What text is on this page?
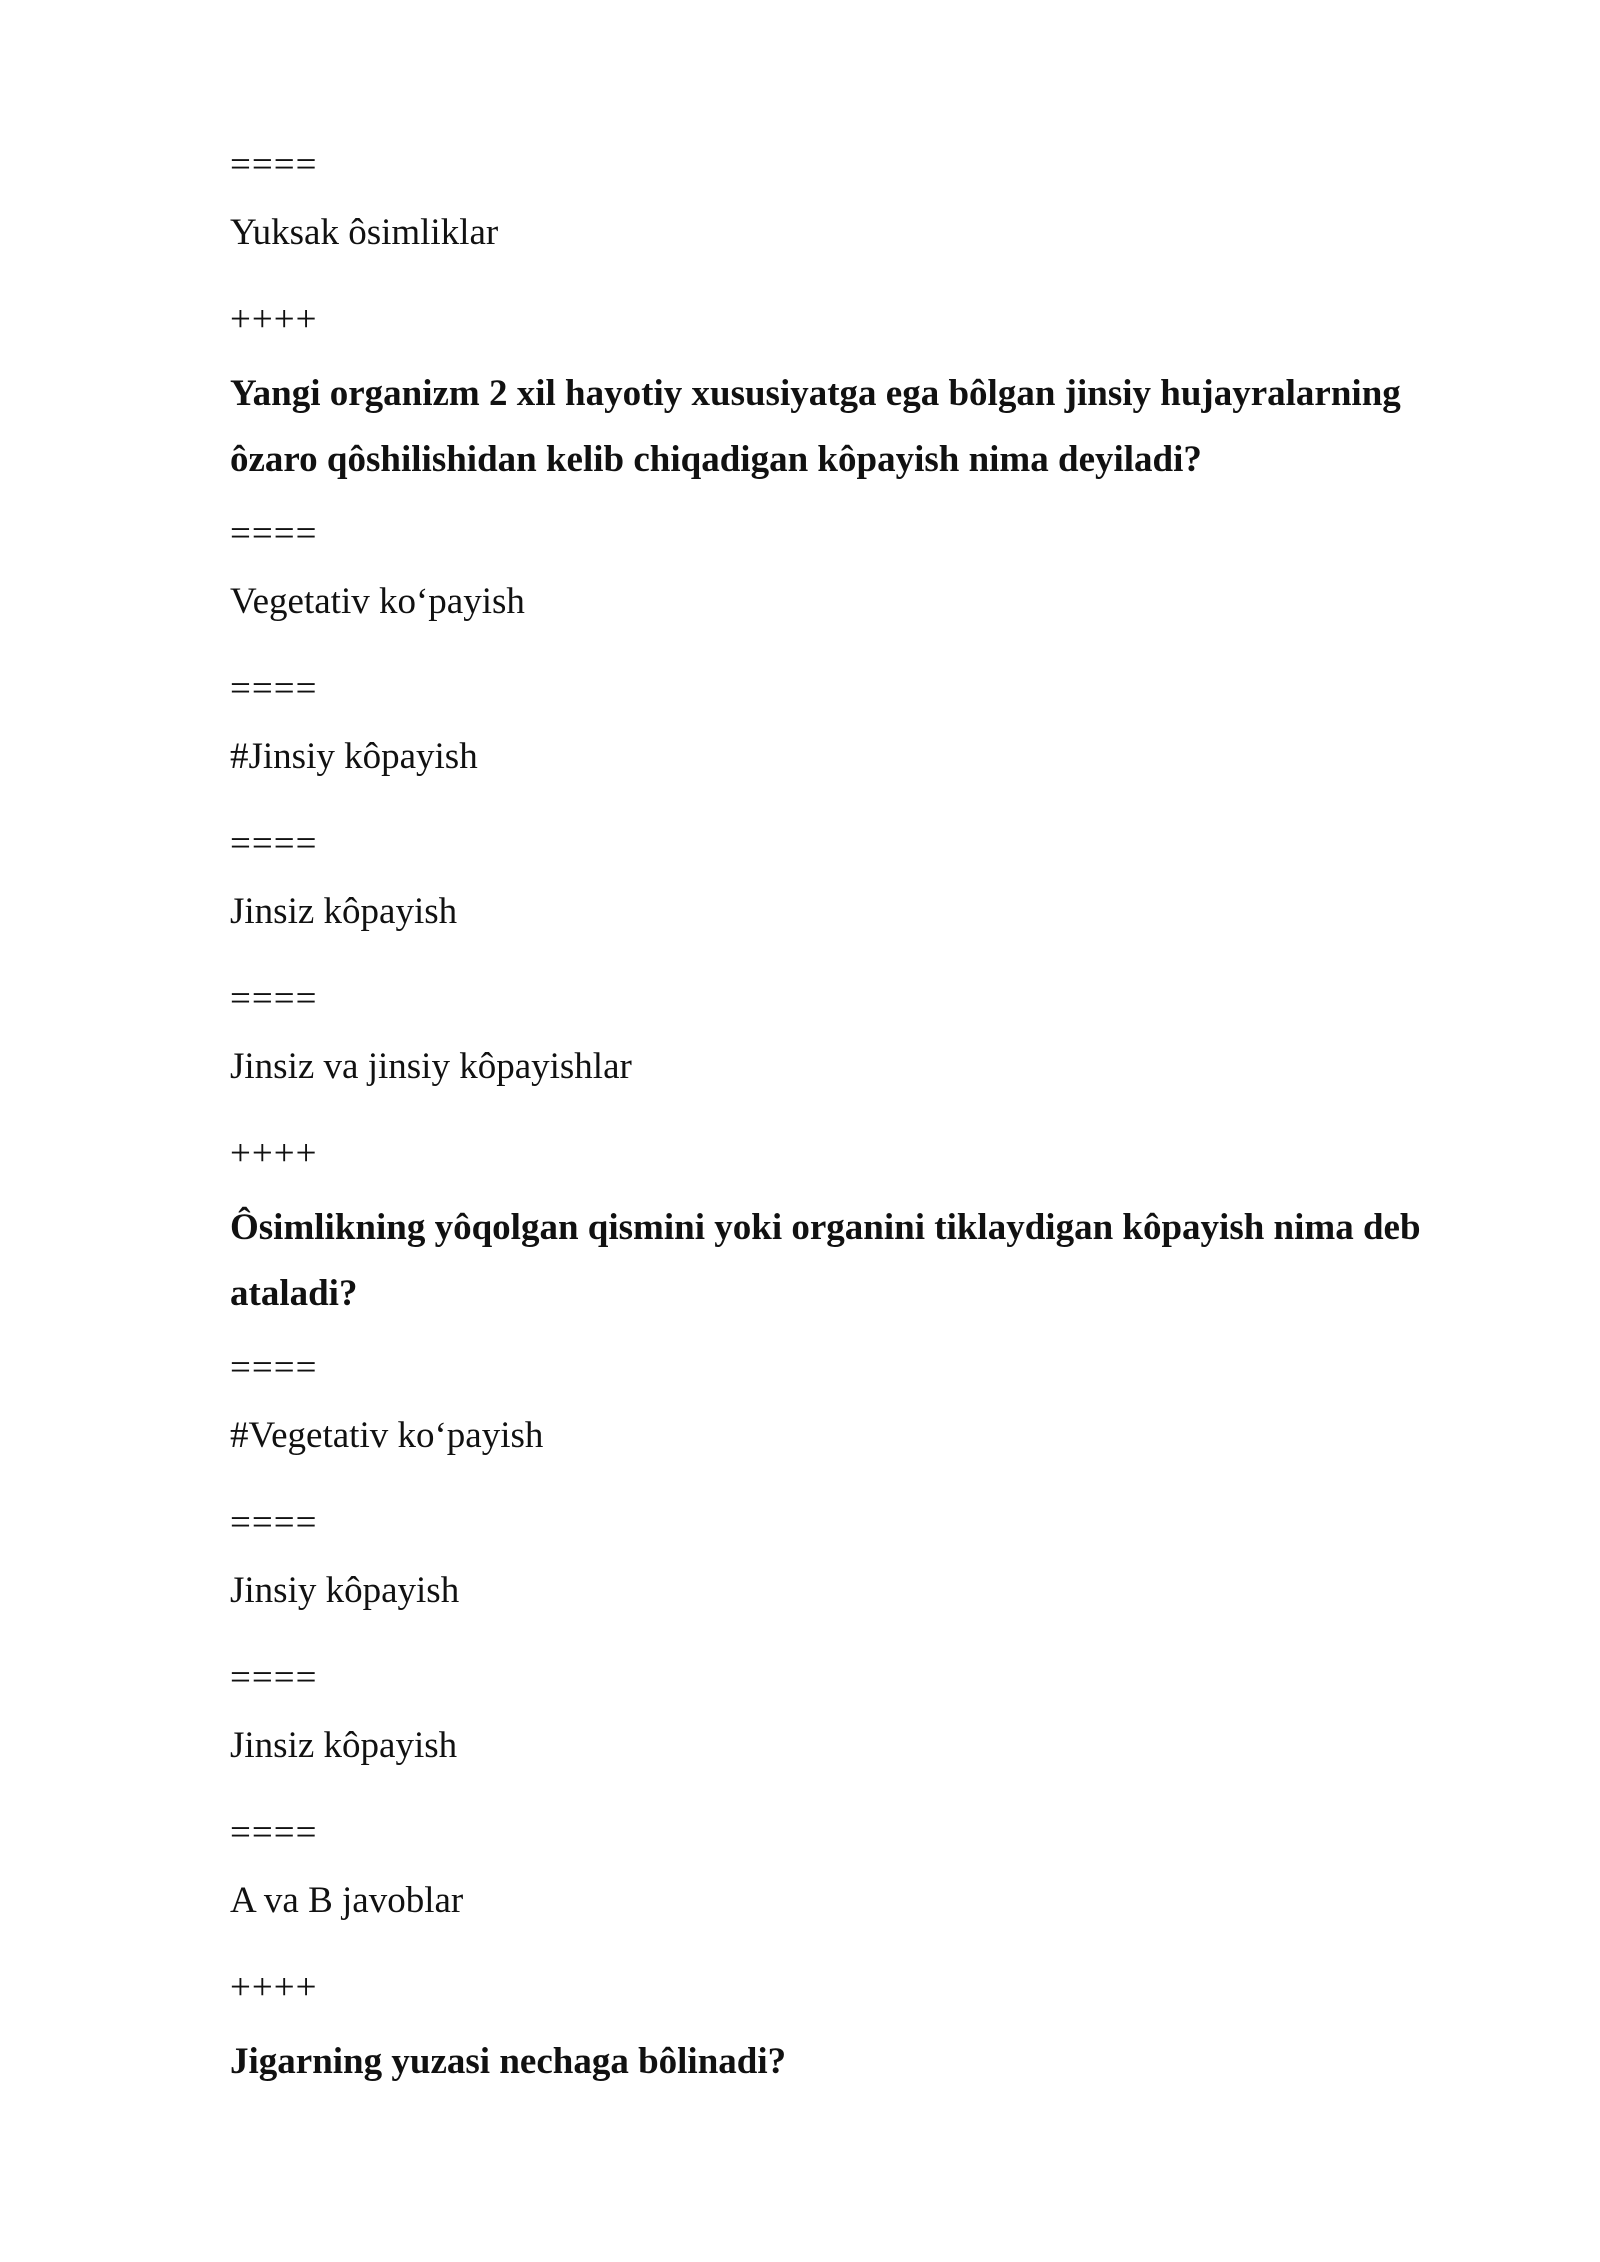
====
Yuksak ôsimliklar
++++
Yangi organizm 2 xil hayotiy xususiyatga ega bôlgan jinsiy hujayralarning ôzaro qôshilishidan kelib chiqadigan kôpayish nima deyiladi?
====
Vegetativ ko‘payish
====
#Jinsiy kôpayish
====
Jinsiz kôpayish
====
Jinsiz va jinsiy kôpayishlar
++++
Ôsimlikning yôqolgan qismini yoki organini tiklaydigan kôpayish nima deb ataladi?
====
#Vegetativ ko‘payish
====
Jinsiy kôpayish
====
Jinsiz kôpayish
====
A va B javoblar
++++
Jigarning yuzasi nechaga bôlinadi?
